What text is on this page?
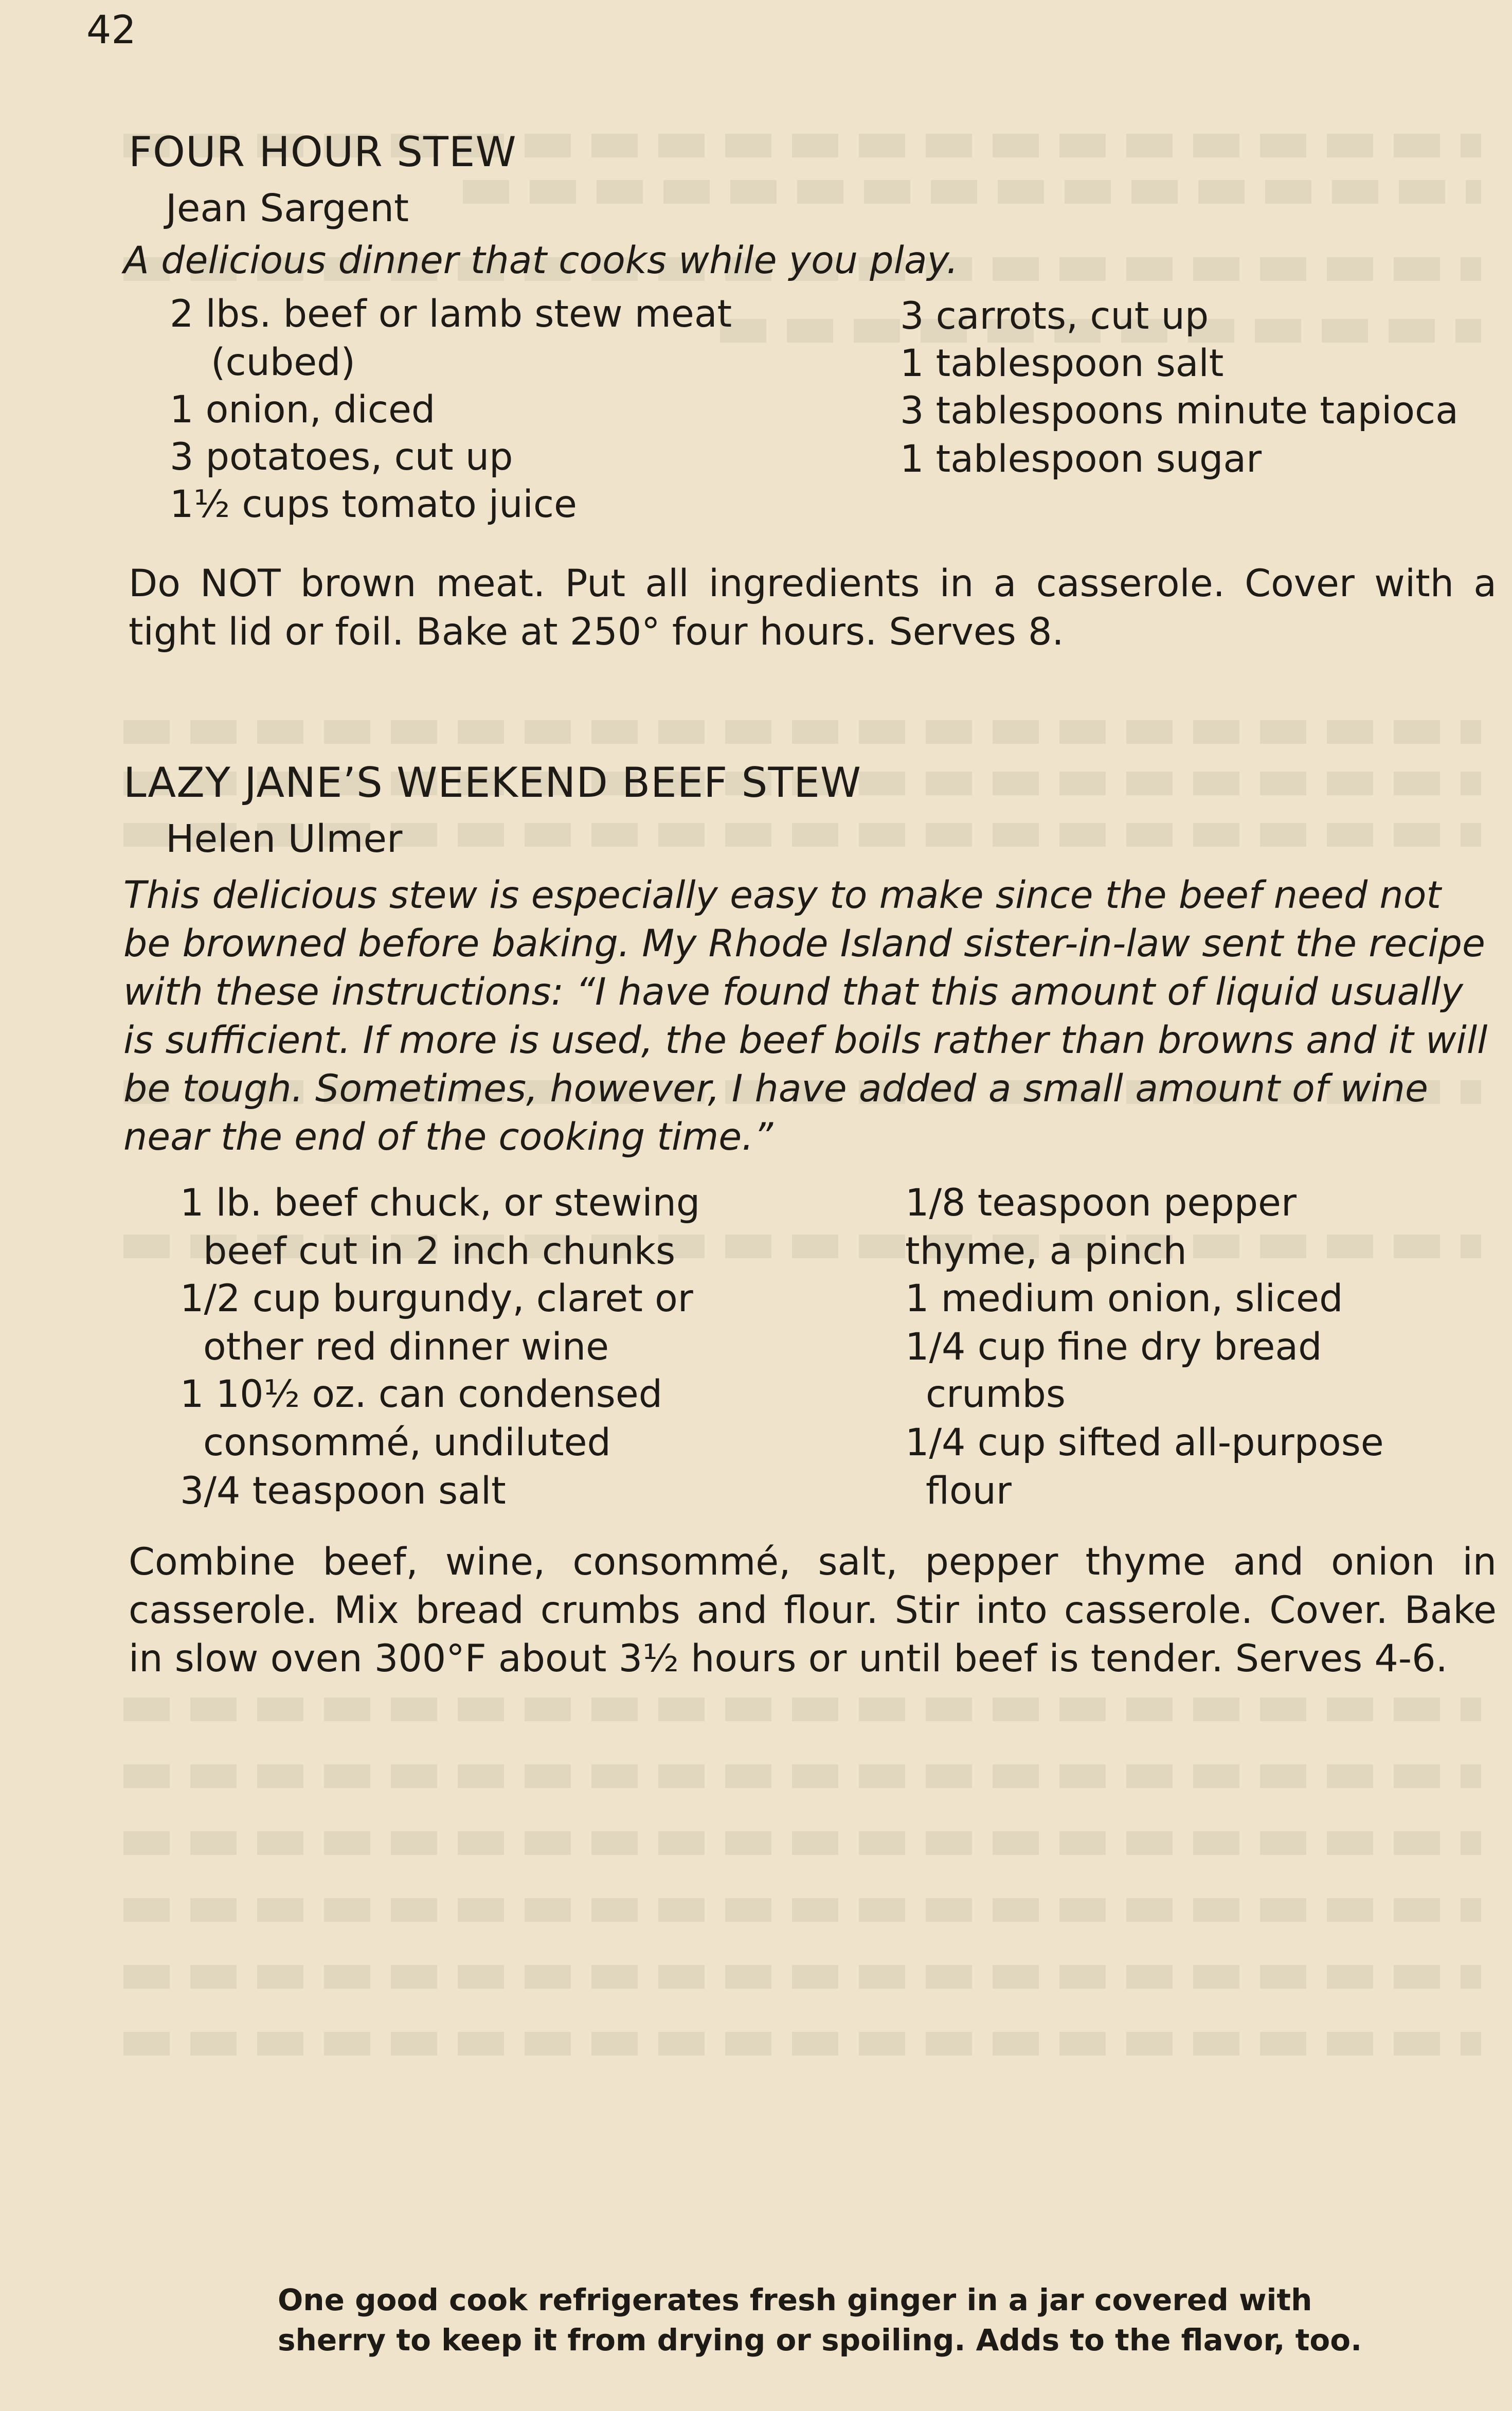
42
FOUR HOUR STEW
Jean Sargent

A delicious dinner that cooks while you play.

2 lbs. beef or lamb stew meat
(cubed)
1 onion, diced
3 potatoes, cut up
1½ cups tomato juice
3 carrots, cut up
1 tablespoon salt
3 tablespoons minute tapioca
1 tablespoon sugar

Do NOT brown meat. Put all ingredients in a casserole. Cover with a tight lid or foil. Bake at 250° four hours. Serves 8.

LAZY JANE’S WEEKEND BEEF STEW
Helen Ulmer

This delicious stew is especially easy to make since the beef need not be browned before baking. My Rhode Island sister-in-law sent the recipe with these instructions: “I have found that this amount of liquid usually is sufficient. If more is used, the beef boils rather than browns and it will be tough. Sometimes, however, I have added a small amount of wine near the end of the cooking time.”

1 lb. beef chuck, or stewing
beef cut in 2 inch chunks
1/2 cup burgundy, claret or
other red dinner wine
1 10½ oz. can condensed
consommé, undiluted
3/4 teaspoon salt
1/8 teaspoon pepper
thyme, a pinch
1 medium onion, sliced
1/4 cup fine dry bread
crumbs
1/4 cup sifted all-purpose
flour

Combine beef, wine, consommé, salt, pepper thyme and onion in casserole. Mix bread crumbs and flour. Stir into casserole. Cover. Bake in slow oven 300°F about 3½ hours or until beef is tender. Serves 4-6.

One good cook refrigerates fresh ginger in a jar covered with sherry to keep it from drying or spoiling. Adds to the flavor, too.
